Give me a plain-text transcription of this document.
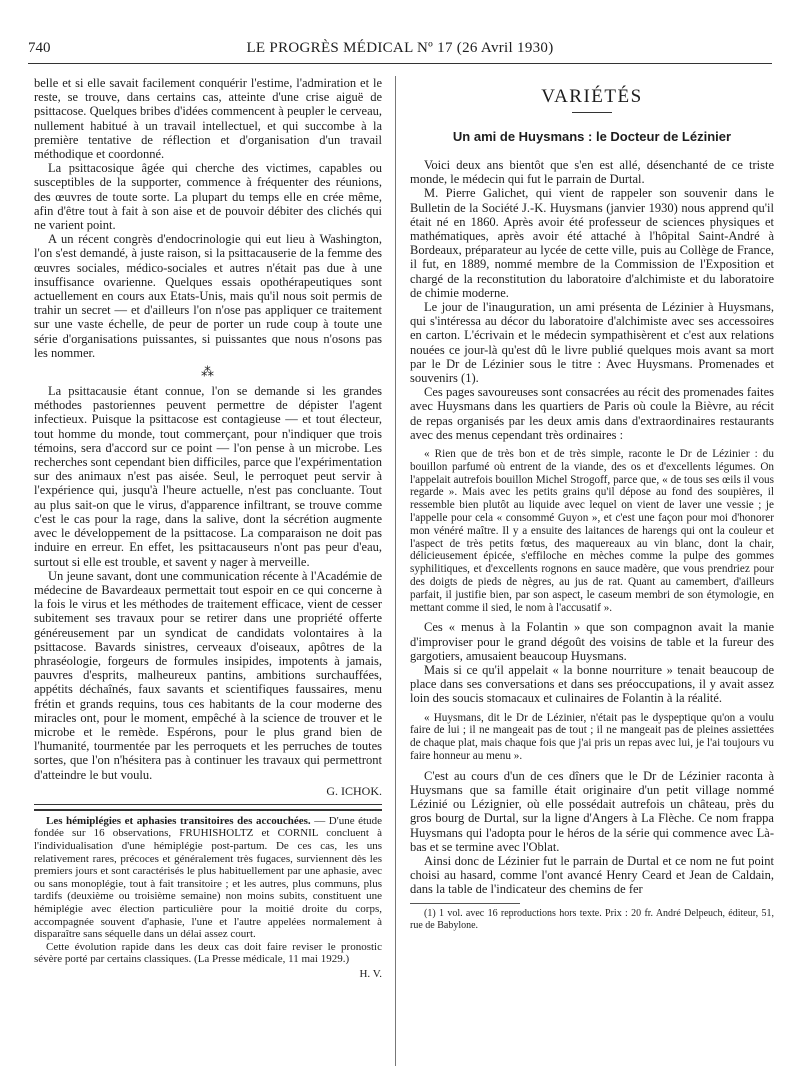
740	LE PROGRÈS MÉDICAL Nº 17 (26 Avril 1930)

belle et si elle savait facilement conquérir l'estime, l'admiration et le reste, se trouve, dans certains cas, atteinte d'une crise aiguë de psittacose. Quelques bribes d'idées commencent à peupler le cerveau, nullement habitué à un travail intellectuel, et qui succombe à la première tentative de réflection et d'organisation d'un travail méthodique et coordonné.

La psittacosique âgée qui cherche des victimes, capables ou susceptibles de la supporter, commence à fréquenter des réunions, des œuvres de toute sorte. La plupart du temps elle en crée même, afin d'être tout à fait à son aise et de pouvoir débiter des clichés qui ne varient point.

A un récent congrès d'endocrinologie qui eut lieu à Washington, l'on s'est demandé, à juste raison, si la psittacauserie de la femme des œuvres sociales, médico-sociales et autres n'était pas due à une insuffisance ovarienne. Quelques essais opothérapeutiques sont actuellement en cours aux Etats-Unis, mais qu'il nous soit permis de trahir un secret — et d'ailleurs l'on n'ose pas appliquer ce traitement sur une vaste échelle, de peur de porter un rude coup à toute une série d'organisations puissantes, si puissantes que nous n'osons pas les nommer.

⁂

La psittacausie étant connue, l'on se demande si les grandes méthodes pastoriennes peuvent permettre de dépister l'agent infectieux. Puisque la psittacose est contagieuse — et tout électeur, tout homme du monde, tout commerçant, pour n'indiquer que trois témoins, sera d'accord sur ce point — l'on pense à un microbe. Les recherches sont cependant bien difficiles, parce que l'expérimentation sur des animaux n'est pas aisée. Seul, le perroquet peut servir à l'expérience qui, jusqu'à l'heure actuelle, n'est pas concluante. Tout au plus sait-on que le virus, d'apparence infiltrant, se trouve comme c'est le cas pour la rage, dans la salive, dont la sécrétion augmente avec le développement de la psittacose. La comparaison ne doit pas induire en erreur. En effet, les psittacauseurs n'ont pas peur d'eau, surtout si elle est trouble, et savent y nager à merveille.

Un jeune savant, dont une communication récente à l'Académie de médecine de Bavardeaux permettait tout espoir en ce qui concerne à la fois le virus et les méthodes de traitement efficace, vient de cesser subitement ses travaux pour se retirer dans une propriété offerte généreusement par un syndicat de candidats volontaires à la psittacose. Bavards sinistres, cerveaux d'oiseaux, apôtres de la phraséologie, forgeurs de formules insipides, impotents à jamais, pauvres d'esprits, malheureux pantins, ambitions surchauffées, appétits déchaînés, faux savants et scientifiques faussaires, menu frétin et grands requins, tous ces habitants de la cour moderne des miracles ont, pour le moment, empêché à la science de trouver et le microbe et le remède. Espérons, pour le plus grand bien de l'humanité, tourmentée par les perroquets et les perruches de toutes sortes, que l'on n'hésitera pas à continuer les travaux qui permettront d'atteindre le but voulu.

G. ICHOK.

Les hémiplégies et aphasies transitoires des accouchées. — D'une étude fondée sur 16 observations, FRUHISHOLTZ et CORNIL concluent à l'individualisation d'une hémiplégie post-partum. De ces cas, les uns relativement rares, précoces et généralement très fugaces, surviennent dès les premiers jours et sont caractérisés le plus habituellement par une aphasie, avec ou sans monoplégie, tout à fait transitoire ; et les autres, plus communs, plus tardifs (deuxième ou troisième semaine) non moins subits, constituent une hémiplégie avec élection particulière pour la moitié droite du corps, accompagnée souvent d'aphasie, l'une et l'autre appelées normalement à disparaître sans séquelle dans un délai assez court.

Cette évolution rapide dans les deux cas doit faire reviser le pronostic sévère porté par certains classiques. (La Presse médicale, 11 mai 1929.)

H. V.
VARIÉTÉS
Un ami de Huysmans : le Docteur de Lézinier

Voici deux ans bientôt que s'en est allé, désenchanté de ce triste monde, le médecin qui fut le parrain de Durtal.

M. Pierre Galichet, qui vient de rappeler son souvenir dans le Bulletin de la Société J.-K. Huysmans (janvier 1930) nous apprend qu'il était né en 1860. Après avoir été professeur de sciences physiques et mathématiques, après avoir été attaché à l'hôpital Saint-André à Bordeaux, préparateur au lycée de cette ville, puis au Collège de France, il fut, en 1889, nommé membre de la Commission de l'Exposition et chargé de la reconstitution du laboratoire d'alchimiste et du laboratoire de chimie moderne.

Le jour de l'inauguration, un ami présenta de Lézinier à Huysmans, qui s'intéressa au décor du laboratoire d'alchimiste avec ses accessoires en carton. L'écrivain et le médecin sympathisèrent et c'est aux relations nouées ce jour-là qu'est dû le livre publié quelques mois avant sa mort par le Dr de Lézinier sous le titre : Avec Huysmans. Promenades et souvenirs (1).

Ces pages savoureuses sont consacrées au récit des promenades faites avec Huysmans dans les quartiers de Paris où coule la Bièvre, au récit de repas organisés par les deux amis dans d'extraordinaires restaurants avec des menus cependant très ordinaires :

« Rien que de très bon et de très simple, raconte le Dr de Lézinier : du bouillon parfumé où entrent de la viande, des os et d'excellents légumes. On l'appelait autrefois bouillon Michel Strogoff, parce que, « de tous ses œils il vous regarde ». Mais avec les petits grains qu'il dépose au fond des soupières, il ressemble bien plutôt au liquide avec lequel on vient de laver une vessie ; je l'appelle pour cela « consommé Guyon », et c'est une façon pour moi d'honorer mon vénéré maître. Il y a ensuite des laitances de harengs qui ont la couleur et l'aspect de très petits fœtus, des maquereaux au vin blanc, dont la chair, délicieusement épicée, s'effiloche en mèches comme la pulpe des gommes syphilitiques, et d'excellents rognons en sauce madère, que vous prendriez pour des doigts de pieds de nègres, au jus de rat. Quant au camembert, d'ailleurs parfait, il justifie bien, par son aspect, le caseum membri de son étymologie, en mettant comme il sied, le nom à l'accusatif ».

Ces « menus à la Folantin » que son compagnon avait la manie d'improviser pour le grand dégoût des voisins de table et la fureur des gargotiers, amusaient beaucoup Huysmans.

Mais si ce qu'il appelait « la bonne nourriture » tenait beaucoup de place dans ses conversations et dans ses préoccupations, il y avait assez loin des soucis stomacaux et culinaires de Folantin à la réalité.

« Huysmans, dit le Dr de Lézinier, n'était pas le dyspeptique qu'on a voulu faire de lui ; il ne mangeait pas de tout ; il ne mangeait pas de pleines assiettées de chaque plat, mais chaque fois que j'ai pris un repas avec lui, je l'ai toujours vu faire honneur au menu ».

C'est au cours d'un de ces dîners que le Dr de Lézinier raconta à Huysmans que sa famille était originaire d'un petit village nommé Lézinié ou Lézignier, où elle possédait autrefois un château, près du gros bourg de Durtal, sur la ligne d'Angers à La Flèche. Ce nom frappa Huysmans qui l'adopta pour le héros de la série qui commence avec Là-bas et se termine avec l'Oblat.

Ainsi donc de Lézinier fut le parrain de Durtal et ce nom ne fut point choisi au hasard, comme l'ont avancé Henry Ceard et Jean de Caldain, dans la table de l'indicateur des chemins de fer

(1) 1 vol. avec 16 reproductions hors texte. Prix : 20 fr. André Delpeuch, éditeur, 51, rue de Babylone.
